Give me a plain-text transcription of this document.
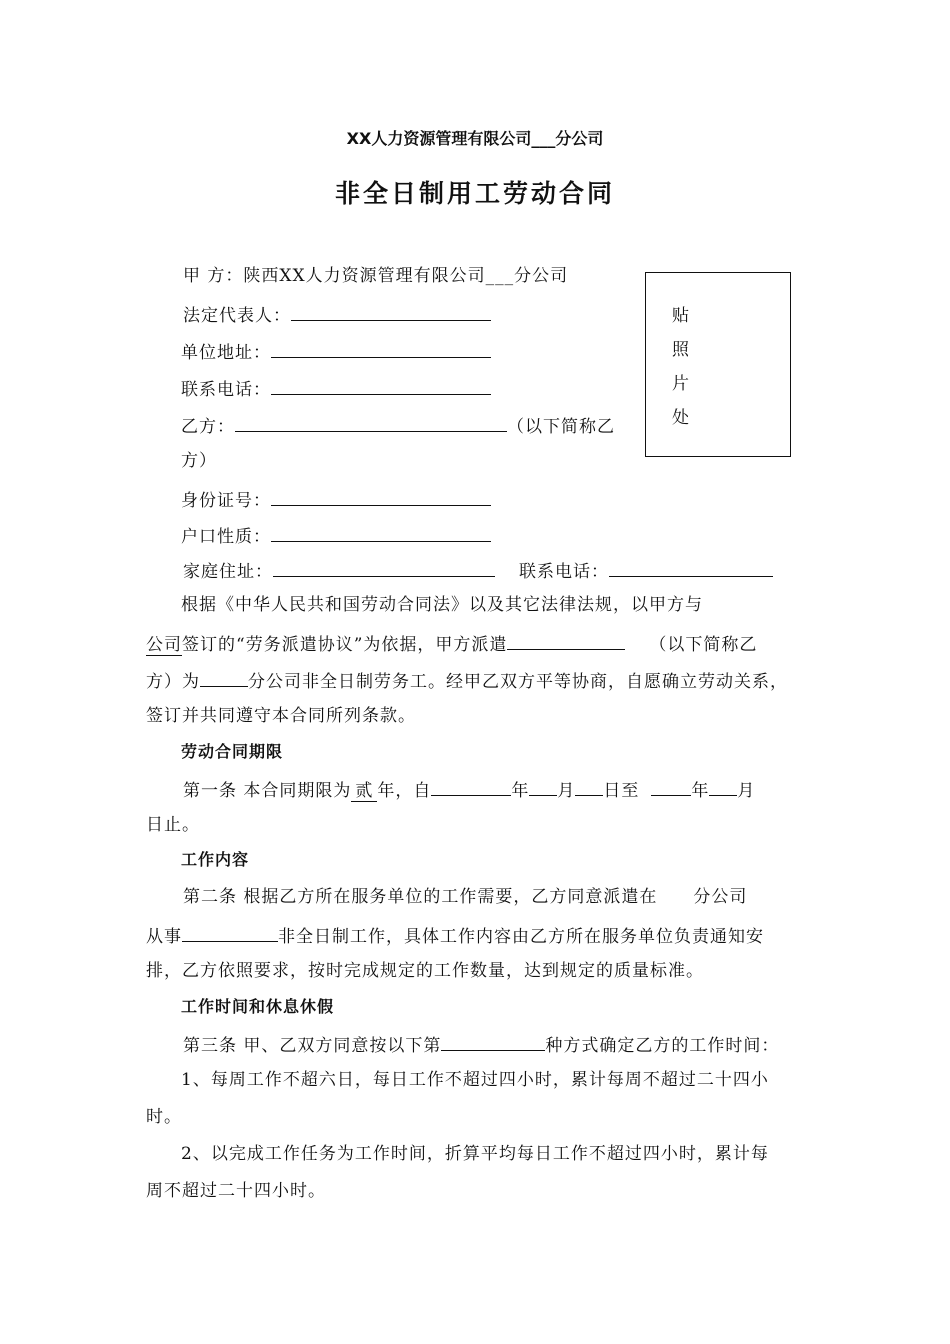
XX人力资源管理有限公司___分公司
非全日制用工劳动合同
贴
照
片
处
甲 方：陕西XX人力资源管理有限公司___分公司
法定代表人：
单位地址：
联系电话：
乙方：	（以下简称乙
方）
身份证号：
户口性质：
家庭住址：	联系电话：
根据《中华人民共和国劳动合同法》以及其它法律法规，以甲方与
公司签订的“劳务派遣协议”为依据，甲方派遣	（以下简称乙
方）为	分公司非全日制劳务工。经甲乙双方平等协商，自愿确立劳动关系，
签订并共同遵守本合同所列条款。
劳动合同期限
第一条 本合同期限为 贰 年，自	年 月 日至	年 月
日止。
工作内容
第二条 根据乙方所在服务单位的工作需要，乙方同意派遣在 分公司
从事	非全日制工作，具体工作内容由乙方所在服务单位负责通知安
排，乙方依照要求，按时完成规定的工作数量，达到规定的质量标准。
工作时间和休息休假
第三条 甲、乙双方同意按以下第	种方式确定乙方的工作时间：
1、每周工作不超六日，每日工作不超过四小时，累计每周不超过二十四小
时。
2、以完成工作任务为工作时间，折算平均每日工作不超过四小时，累计每
周不超过二十四小时。
